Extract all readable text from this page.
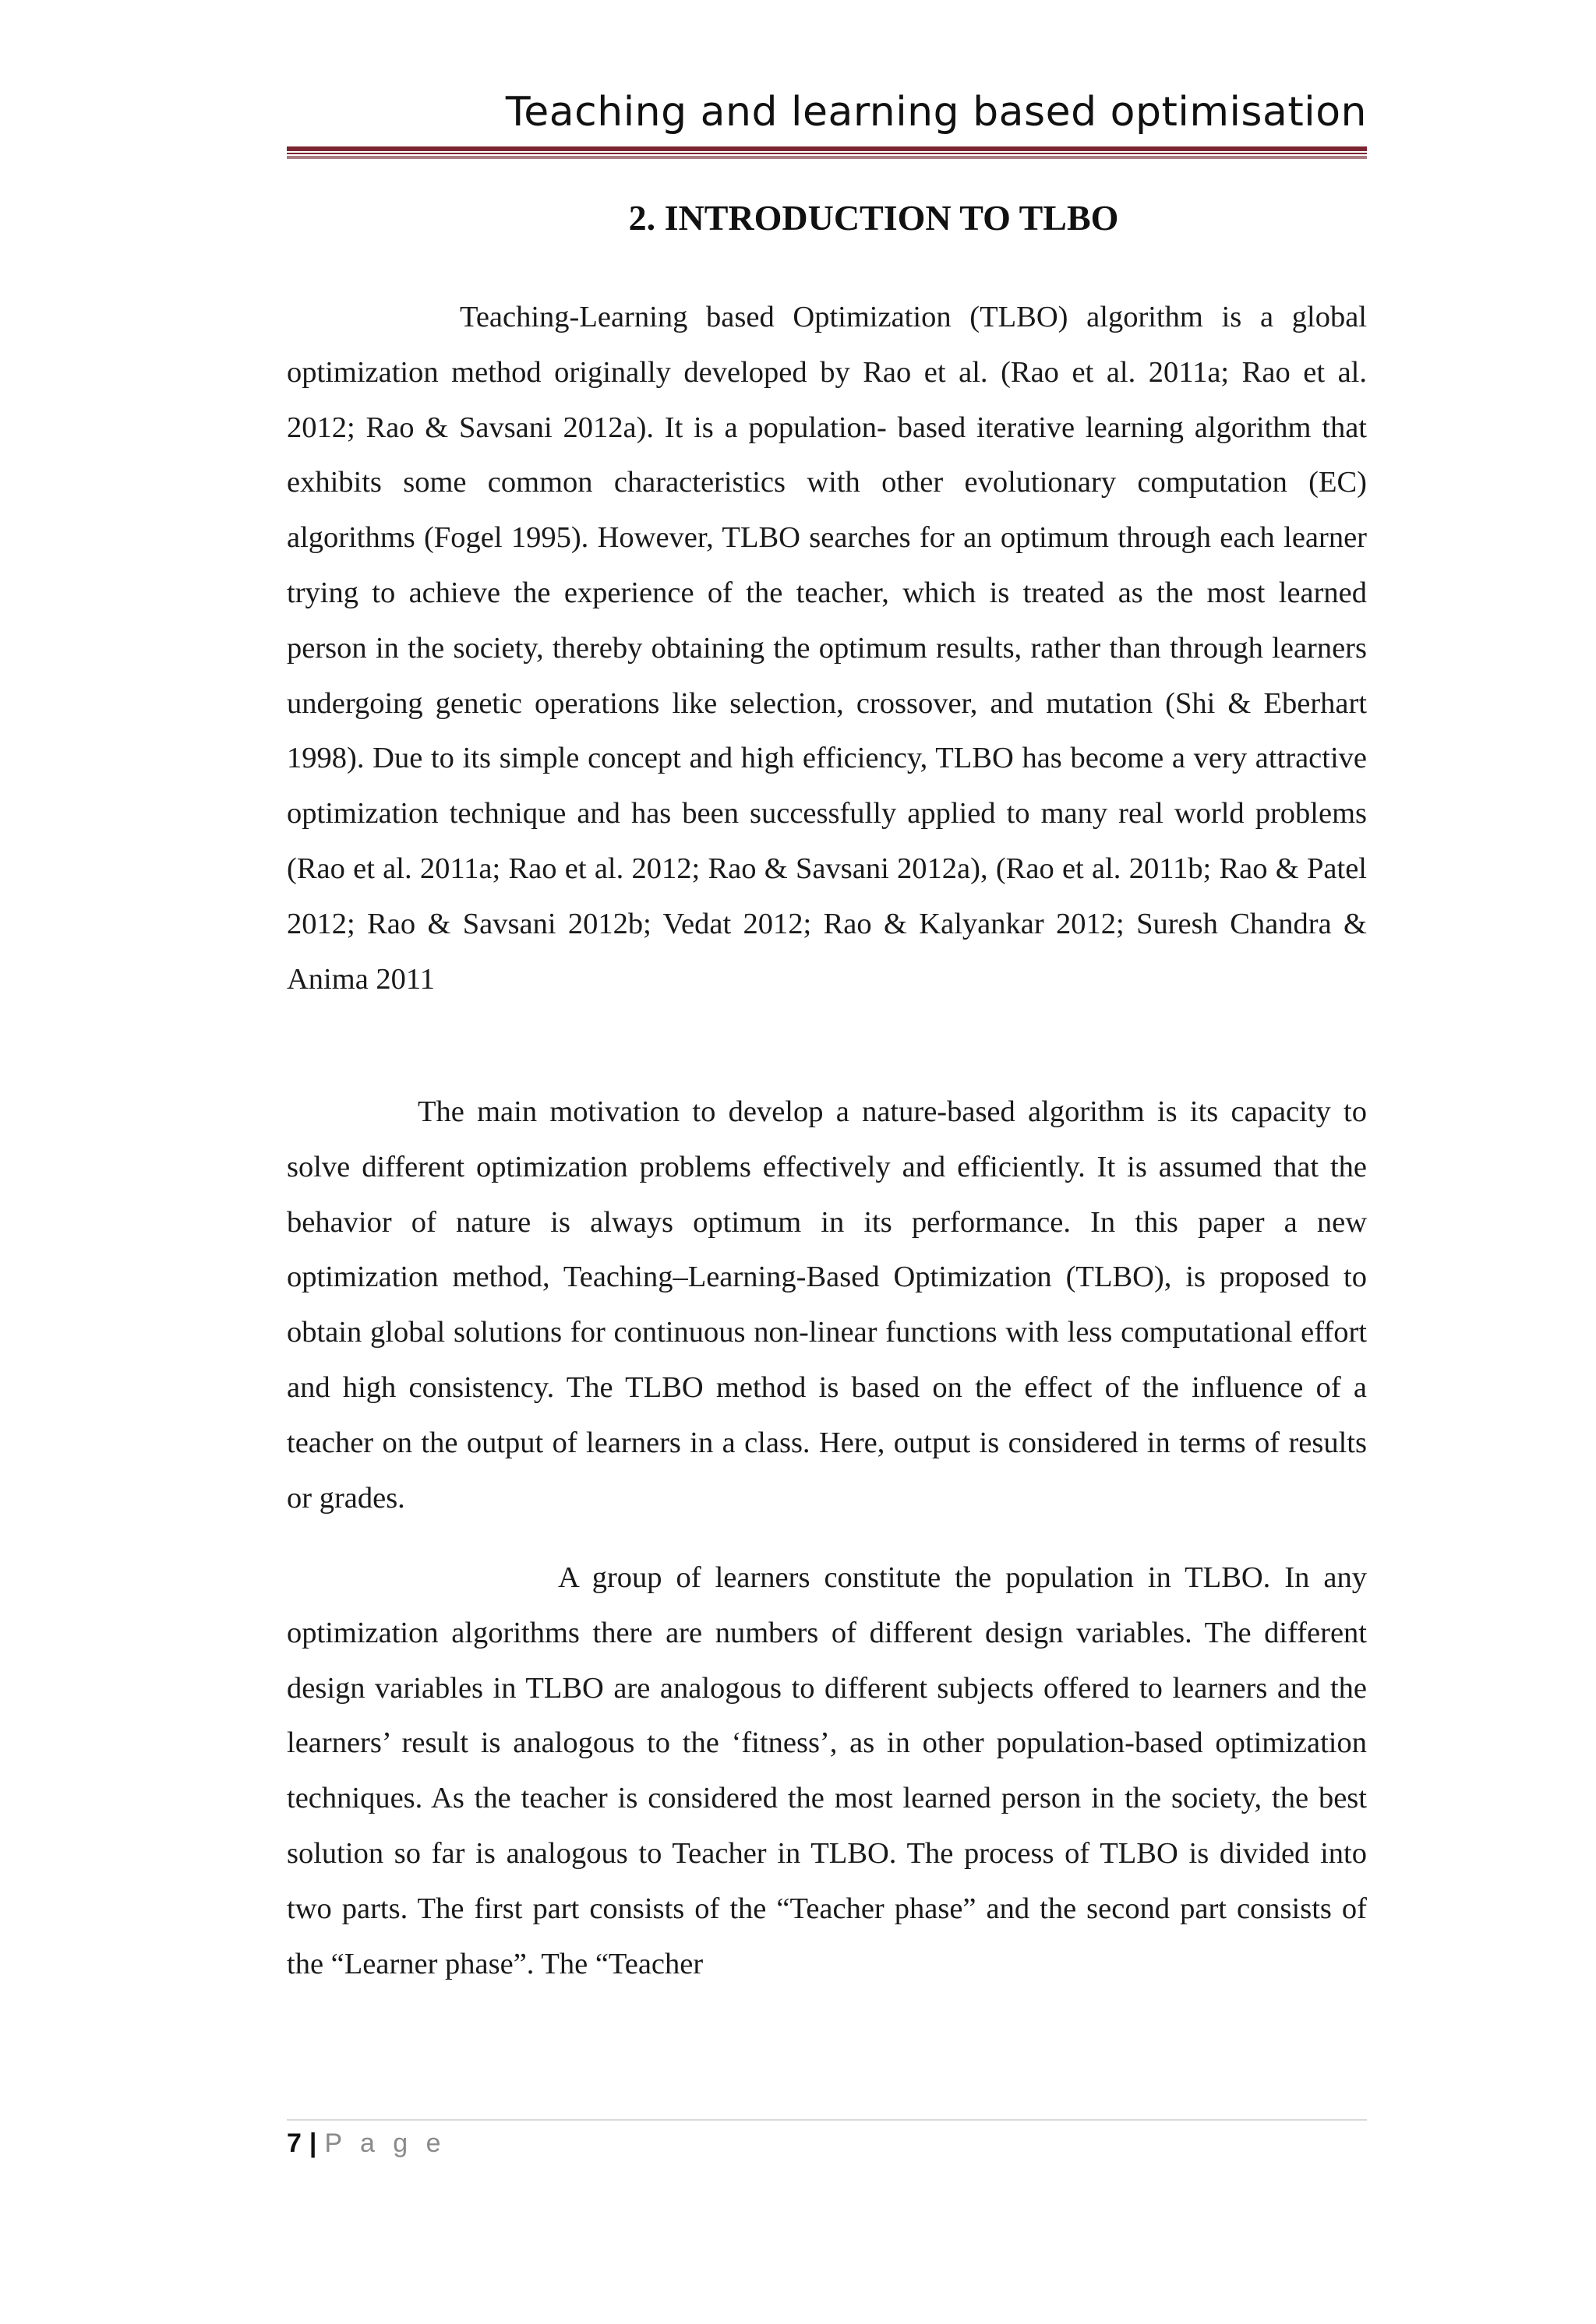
Teaching and learning based optimisation
2. INTRODUCTION TO TLBO

Teaching-Learning based Optimization (TLBO) algorithm is a global optimization method originally developed by Rao et al. (Rao et al. 2011a; Rao et al. 2012; Rao & Savsani 2012a). It is a population- based iterative learning algorithm that exhibits some common characteristics with other evolutionary computation (EC) algorithms (Fogel 1995). However, TLBO searches for an optimum through each learner trying to achieve the experience of the teacher, which is treated as the most learned person in the society, thereby obtaining the optimum results, rather than through learners undergoing genetic operations like selection, crossover, and mutation (Shi & Eberhart 1998). Due to its simple concept and high efficiency, TLBO has become a very attractive optimization technique and has been successfully applied to many real world problems (Rao et al. 2011a; Rao et al. 2012; Rao & Savsani 2012a), (Rao et al. 2011b; Rao & Patel 2012; Rao & Savsani 2012b; Vedat 2012; Rao & Kalyankar 2012; Suresh Chandra & Anima 2011

The main motivation to develop a nature-based algorithm is its capacity to solve different optimization problems effectively and efficiently. It is assumed that the behavior of nature is always optimum in its performance. In this paper a new optimization method, Teaching–Learning-Based Optimization (TLBO), is proposed to obtain global solutions for continuous non-linear functions with less computational effort and high consistency. The TLBO method is based on the effect of the influence of a teacher on the output of learners in a class. Here, output is considered in terms of results or grades.

A group of learners constitute the population in TLBO. In any optimization algorithms there are numbers of different design variables. The different design variables in TLBO are analogous to different subjects offered to learners and the learners’ result is analogous to the ‘fitness’, as in other population-based optimization techniques. As the teacher is considered the most learned person in the society, the best solution so far is analogous to Teacher in TLBO. The process of TLBO is divided into two parts. The first part consists of the “Teacher phase” and the second part consists of the “Learner phase”. The “Teacher

7 | P a g e
